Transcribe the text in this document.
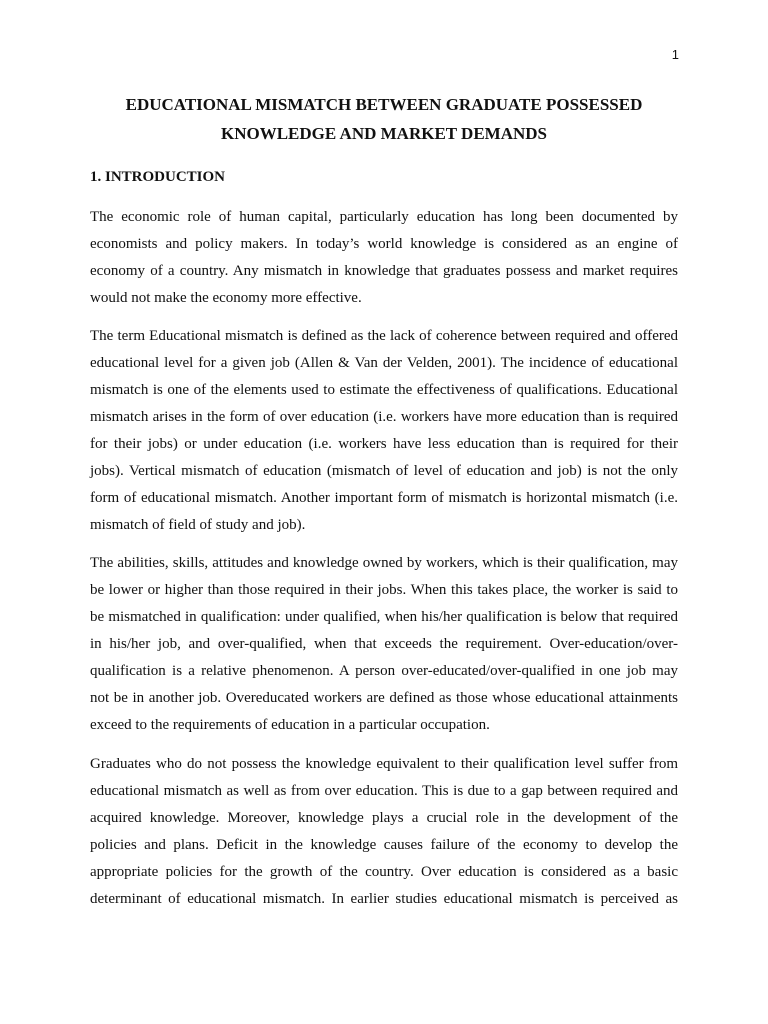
1
EDUCATIONAL MISMATCH BETWEEN GRADUATE POSSESSED
KNOWLEDGE AND MARKET DEMANDS
1. INTRODUCTION
The economic role of human capital, particularly education has long been documented by
economists and policy makers. In today’s world knowledge is considered as an engine of
economy of a country. Any mismatch in knowledge that graduates possess and market requires
would not make the economy more effective.
The term Educational mismatch is defined as the lack of coherence between required and offered
educational level for a given job (Allen & Van der Velden, 2001). The incidence of educational
mismatch is one of the elements used to estimate the effectiveness of qualifications. Educational
mismatch arises in the form of over education (i.e. workers have more education than is required
for their jobs) or under education (i.e. workers have less education than is required for their
jobs). Vertical mismatch of education (mismatch of level of education and job) is not the only
form of educational mismatch. Another important form of mismatch is horizontal mismatch (i.e.
mismatch of field of study and job).
The abilities, skills, attitudes and knowledge owned by workers, which is their qualification, may
be lower or higher than those required in their jobs. When this takes place, the worker is said to
be mismatched in qualification: under qualified, when his/her qualification is below that required
in his/her job, and over-qualified, when that exceeds the requirement. Over-education/over-
qualification is a relative phenomenon. A person over-educated/over-qualified in one job may
not be in another job. Overeducated workers are defined as those whose educational attainments
exceed to the requirements of education in a particular occupation.
Graduates who do not possess the knowledge equivalent to their qualification level suffer from
educational mismatch as well as from over education. This is due to a gap between required and
acquired knowledge. Moreover, knowledge plays a crucial role in the development of the
policies and plans. Deficit in the knowledge causes failure of the economy to develop the
appropriate policies for the growth of the country. Over education is considered as a basic
determinant of educational mismatch. In earlier studies educational mismatch is perceived as
